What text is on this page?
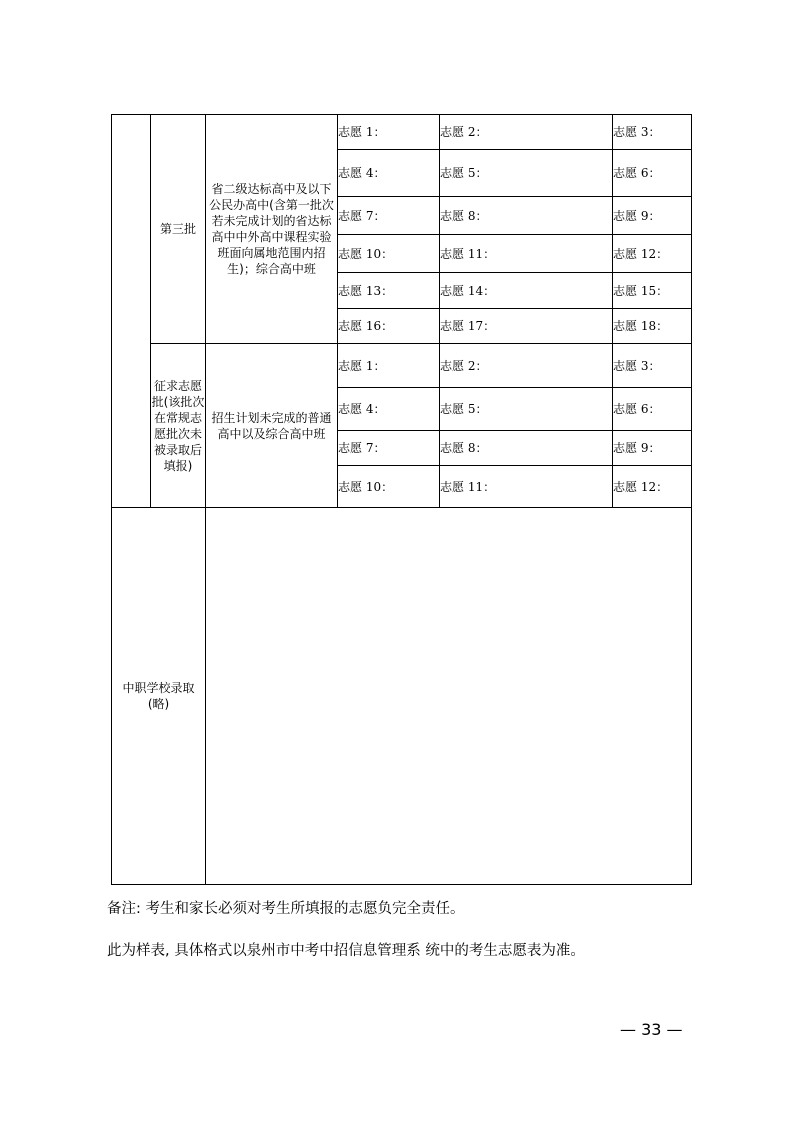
	第三批	省二级达标高中及以下公民办高中(含第一批次若未完成计划的省达标高中中外高中课程实验班面向属地范围内招生)；综合高中班	志愿 1：	志愿 2：	志愿 3：
			志愿 4：	志愿 5：	志愿 6：
			志愿 7：	志愿 8：	志愿 9：
			志愿 10：	志愿 11：	志愿 12：
			志愿 13：	志愿 14：	志愿 15：
			志愿 16：	志愿 17：	志愿 18：
	征求志愿批(该批次在常规志愿批次未被录取后填报)	招生计划未完成的普通高中以及综合高中班	志愿 1：	志愿 2：	志愿 3：
			志愿 4：	志愿 5：	志愿 6：
			志愿 7：	志愿 8：	志愿 9：
			志愿 10：	志愿 11：	志愿 12：
中职学校录取(略)					
备注: 考生和家长必须对考生所填报的志愿负完全责任。
此为样表, 具体格式以泉州市中考中招信息管理系 统中的考生志愿表为准。
— 33 —
